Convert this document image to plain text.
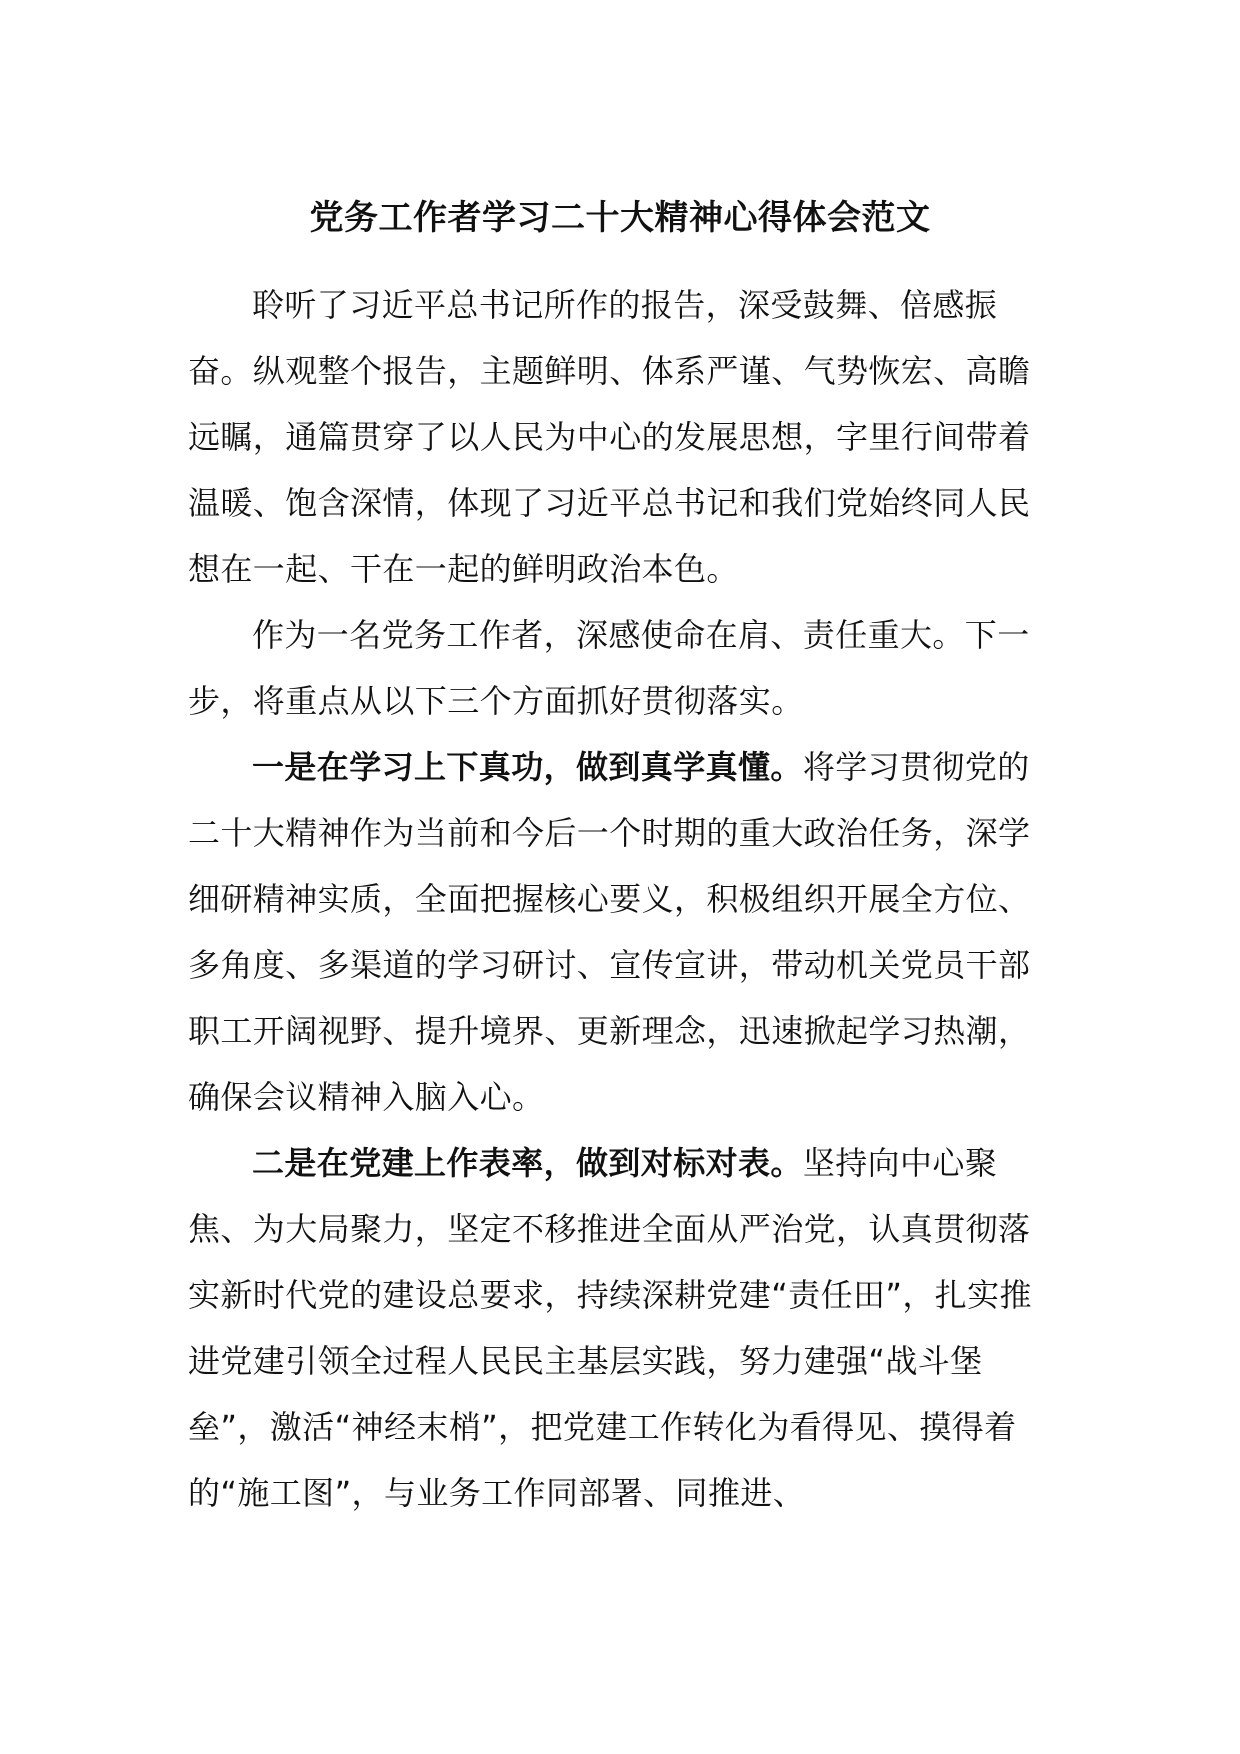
党务工作者学习二十大精神心得体会范文

聆听了习近平总书记所作的报告，深受鼓舞、倍感振奋。纵观整个报告，主题鲜明、体系严谨、气势恢宏、高瞻远瞩，通篇贯穿了以人民为中心的发展思想，字里行间带着温暖、饱含深情，体现了习近平总书记和我们党始终同人民想在一起、干在一起的鲜明政治本色。

作为一名党务工作者，深感使命在肩、责任重大。下一步，将重点从以下三个方面抓好贯彻落实。

一是在学习上下真功，做到真学真懂。将学习贯彻党的二十大精神作为当前和今后一个时期的重大政治任务，深学细研精神实质，全面把握核心要义，积极组织开展全方位、多角度、多渠道的学习研讨、宣传宣讲，带动机关党员干部职工开阔视野、提升境界、更新理念，迅速掀起学习热潮，确保会议精神入脑入心。

二是在党建上作表率，做到对标对表。坚持向中心聚焦、为大局聚力，坚定不移推进全面从严治党，认真贯彻落实新时代党的建设总要求，持续深耕党建“责任田”，扎实推进党建引领全过程人民民主基层实践，努力建强“战斗堡垒”，激活“神经末梢”，把党建工作转化为看得见、摸得着的“施工图”，与业务工作同部署、同推进、
